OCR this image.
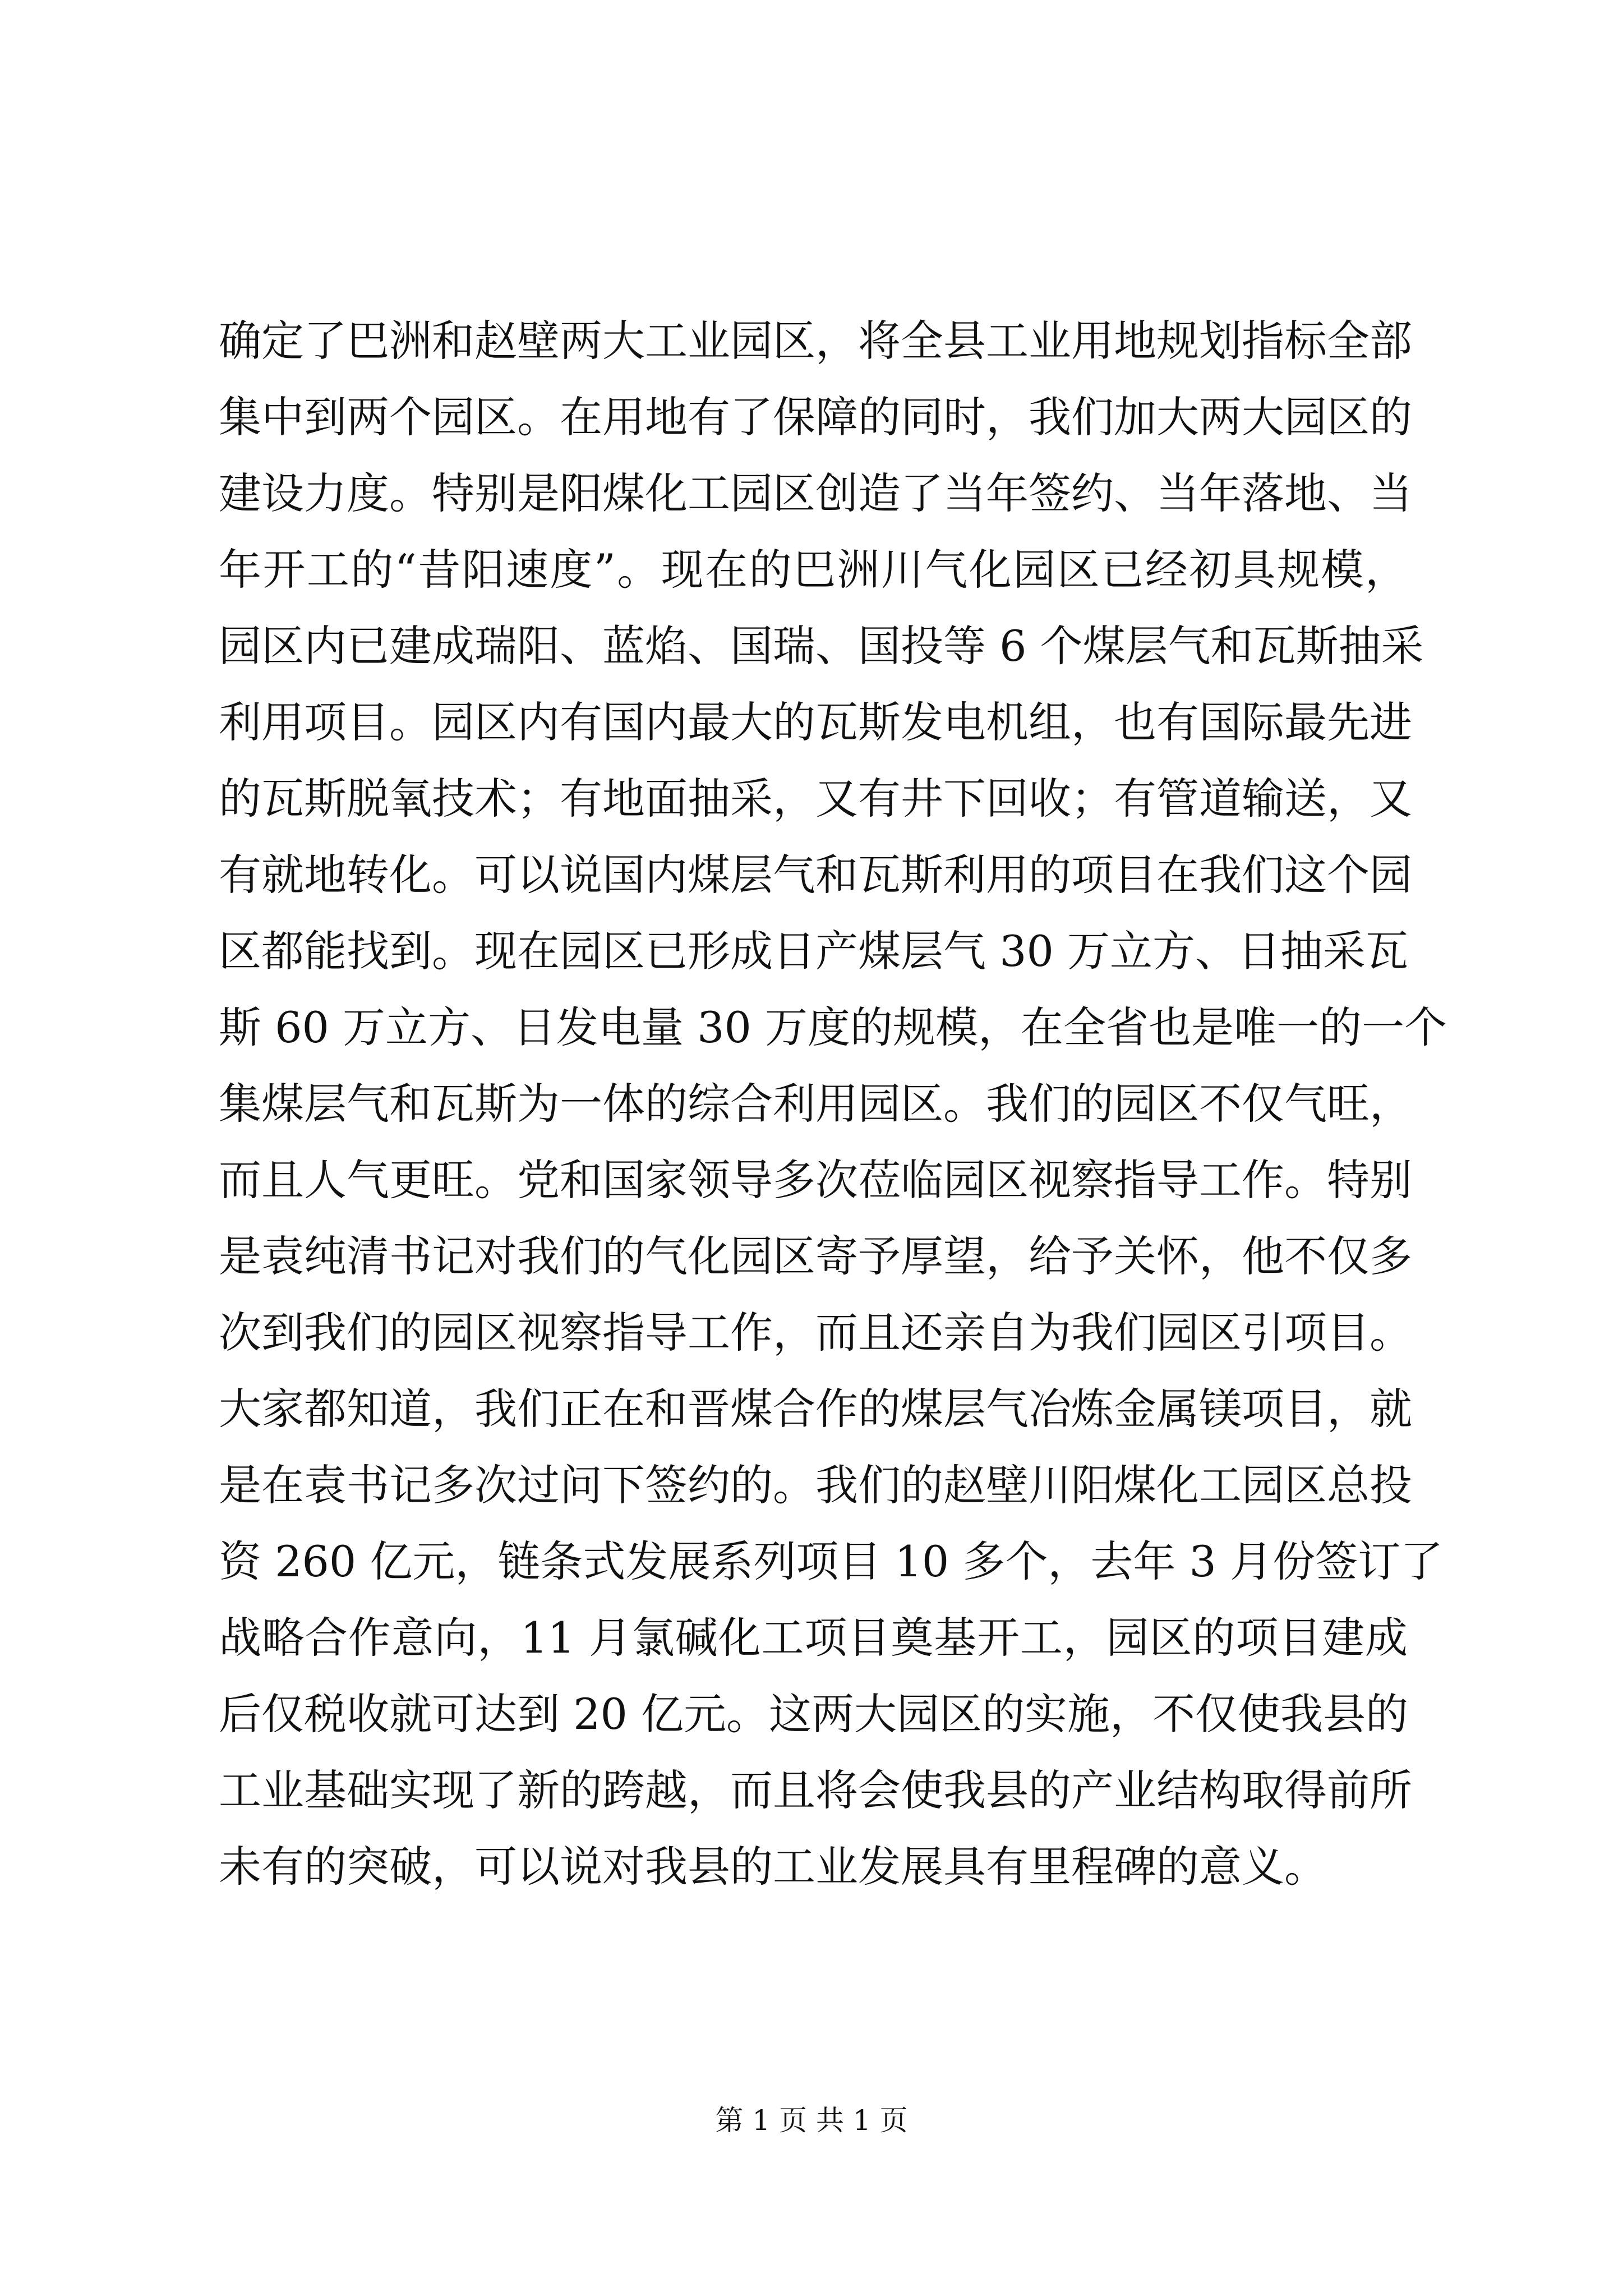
确定了巴洲和赵壁两大工业园区，将全县工业用地规划指标全部
集中到两个园区。在用地有了保障的同时，我们加大两大园区的
建设力度。特别是阳煤化工园区创造了当年签约、当年落地、当
年开工的“昔阳速度”。现在的巴洲川气化园区已经初具规模，
园区内已建成瑞阳、蓝焰、国瑞、国投等 6 个煤层气和瓦斯抽采
利用项目。园区内有国内最大的瓦斯发电机组，也有国际最先进
的瓦斯脱氧技术；有地面抽采，又有井下回收；有管道输送，又
有就地转化。可以说国内煤层气和瓦斯利用的项目在我们这个园
区都能找到。现在园区已形成日产煤层气 30 万立方、日抽采瓦
斯 60 万立方、日发电量 30 万度的规模，在全省也是唯一的一个
集煤层气和瓦斯为一体的综合利用园区。我们的园区不仅气旺，
而且人气更旺。党和国家领导多次莅临园区视察指导工作。特别
是袁纯清书记对我们的气化园区寄予厚望，给予关怀，他不仅多
次到我们的园区视察指导工作，而且还亲自为我们园区引项目。
大家都知道，我们正在和晋煤合作的煤层气冶炼金属镁项目，就
是在袁书记多次过问下签约的。我们的赵壁川阳煤化工园区总投
资 260 亿元，链条式发展系列项目 10 多个，去年 3 月份签订了
战略合作意向，11 月氯碱化工项目奠基开工，园区的项目建成
后仅税收就可达到 20 亿元。这两大园区的实施，不仅使我县的
工业基础实现了新的跨越，而且将会使我县的产业结构取得前所
未有的突破，可以说对我县的工业发展具有里程碑的意义。
第 1 页 共 1 页
